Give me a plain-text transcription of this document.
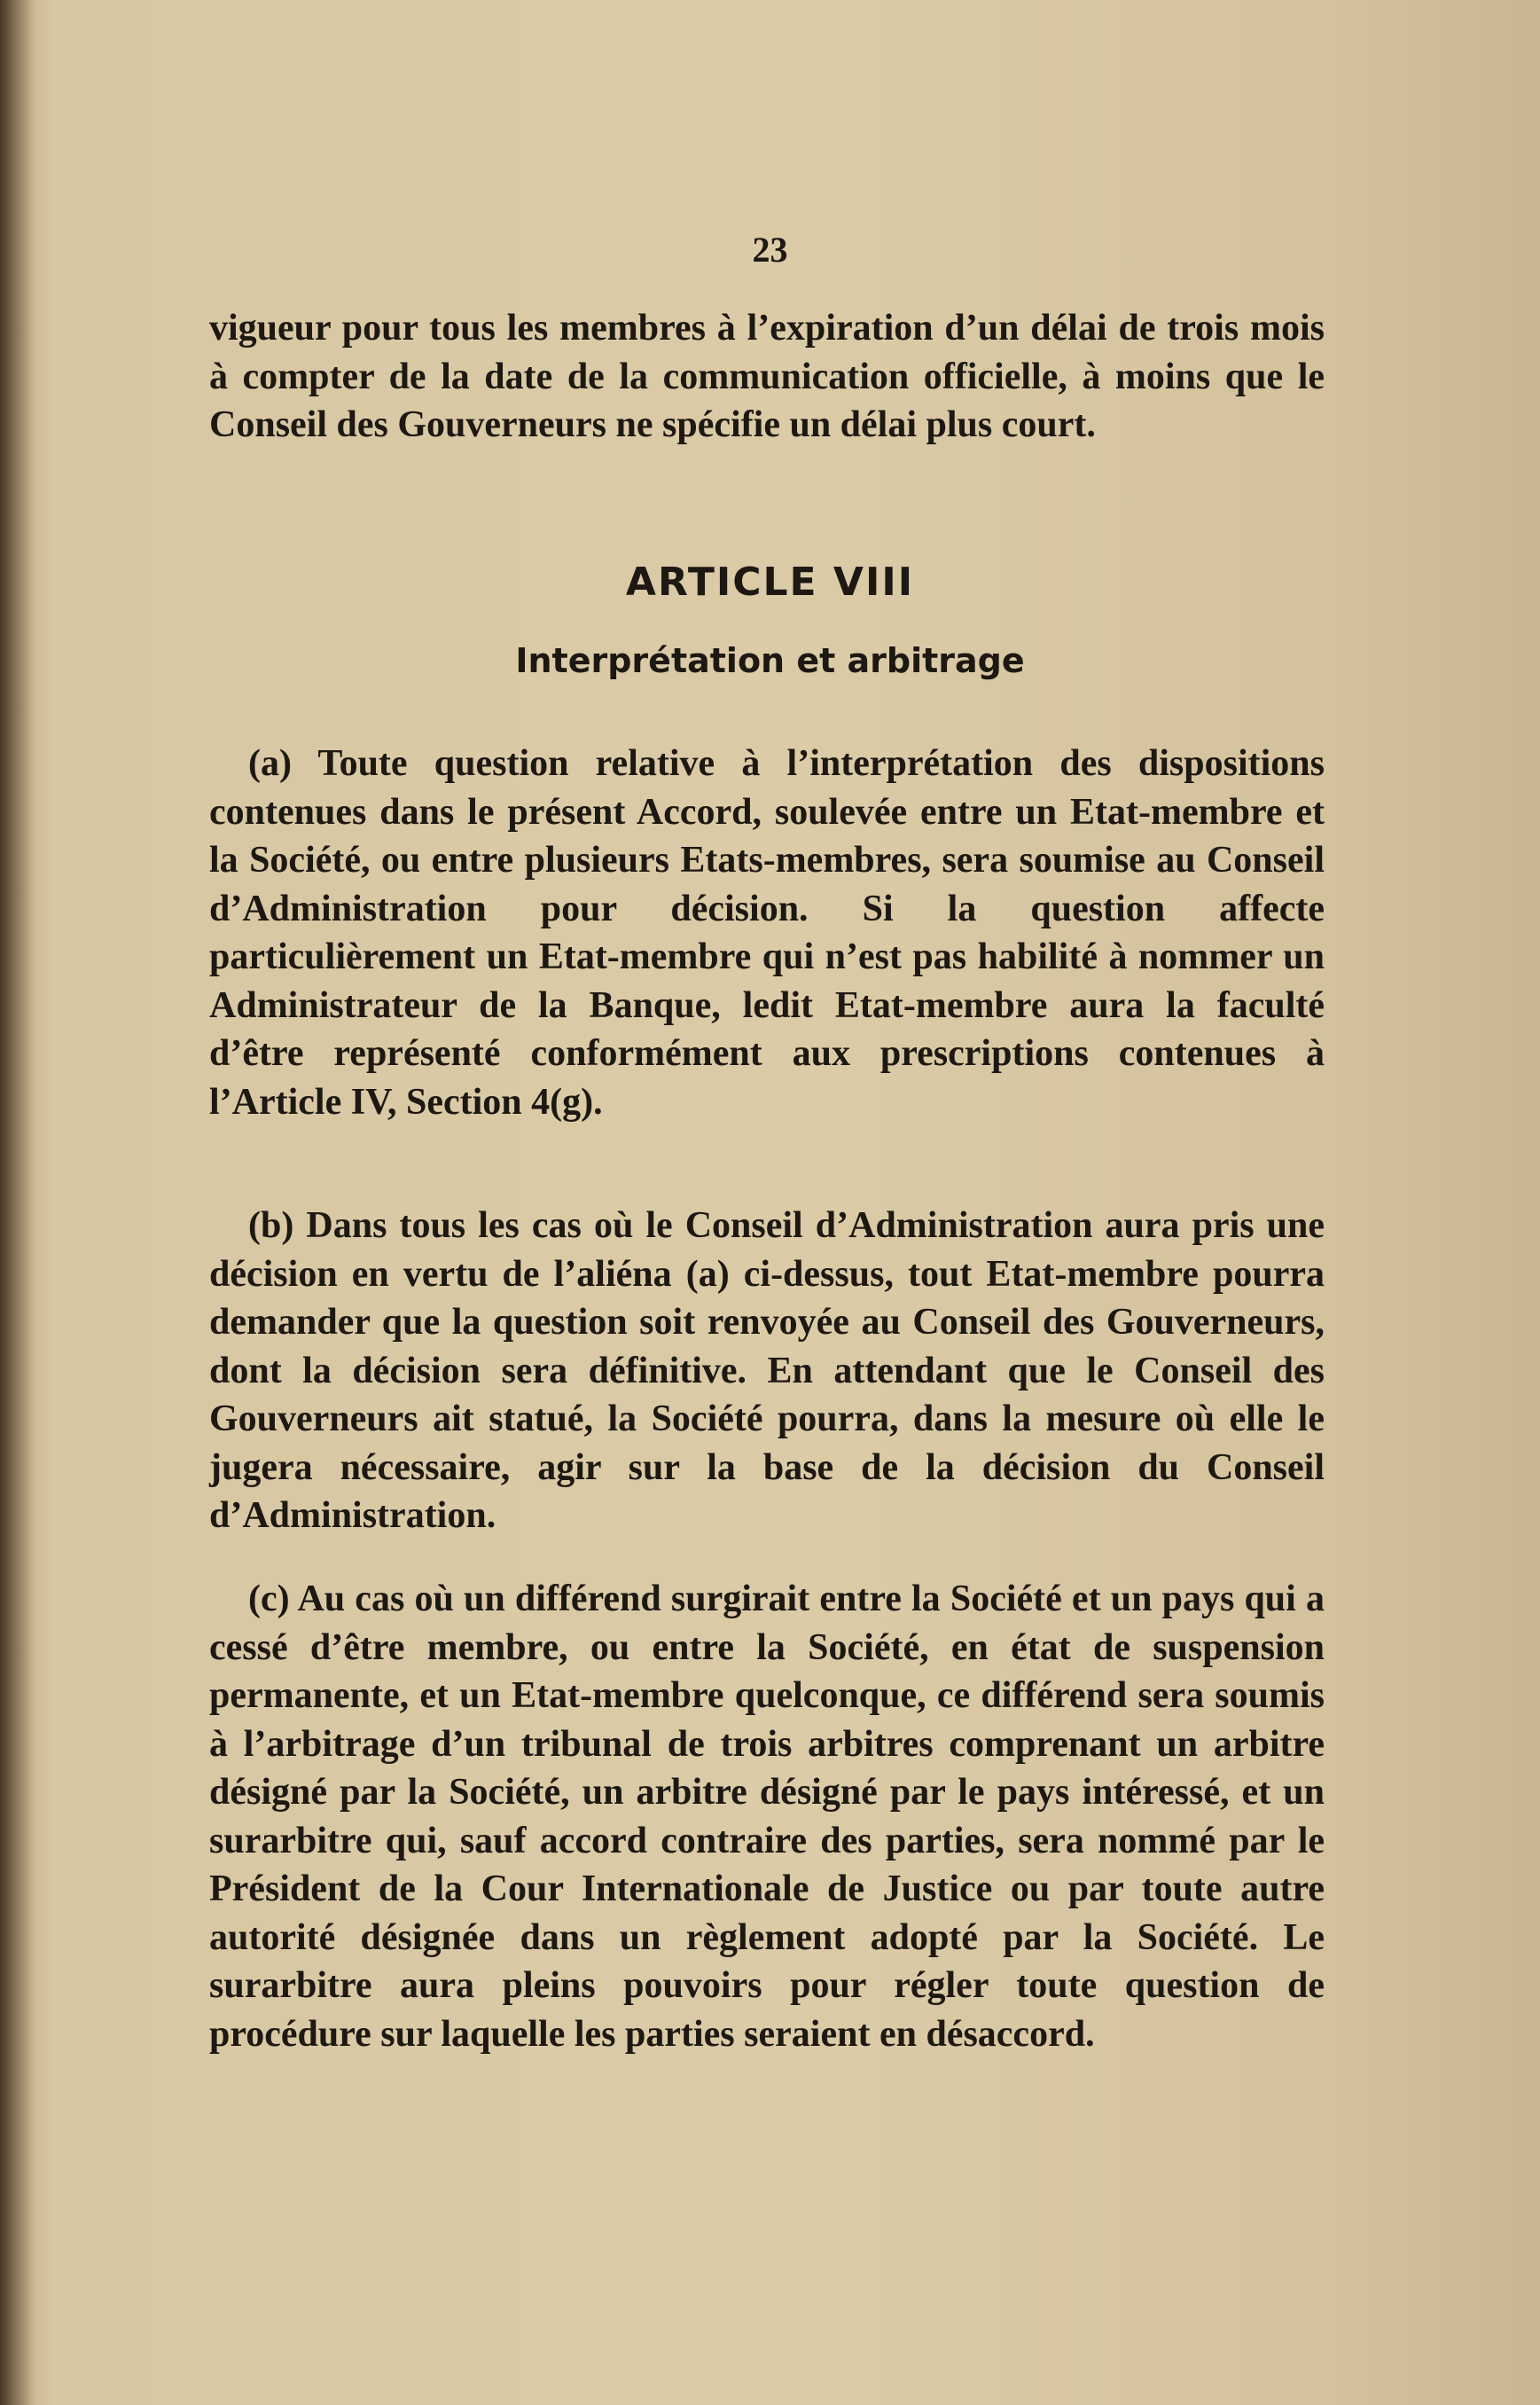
23

vigueur pour tous les membres à l’expiration d’un délai de trois mois à compter de la date de la communication officielle, à moins que le Conseil des Gouverneurs ne spécifie un délai plus court.

ARTICLE VIII
Interprétation et arbitrage

(a) Toute question relative à l’interprétation des dispositions contenues dans le présent Accord, soulevée entre un Etat-membre et la Société, ou entre plusieurs Etats-membres, sera soumise au Conseil d’Administration pour décision. Si la question affecte particulièrement un Etat-membre qui n’est pas habilité à nommer un Administrateur de la Banque, ledit Etat-membre aura la faculté d’être représenté conformément aux prescriptions contenues à l’Article IV, Section 4(g).

(b) Dans tous les cas où le Conseil d’Administration aura pris une décision en vertu de l’aliéna (a) ci-dessus, tout Etat-membre pourra demander que la question soit renvoyée au Conseil des Gouverneurs, dont la décision sera définitive. En attendant que le Conseil des Gouverneurs ait statué, la Société pourra, dans la mesure où elle le jugera nécessaire, agir sur la base de la décision du Conseil d’Administration.

(c) Au cas où un différend surgirait entre la Société et un pays qui a cessé d’être membre, ou entre la Société, en état de suspension permanente, et un Etat-membre quelconque, ce différend sera soumis à l’arbitrage d’un tribunal de trois arbitres comprenant un arbitre désigné par la Société, un arbitre désigné par le pays intéressé, et un surarbitre qui, sauf accord contraire des parties, sera nommé par le Président de la Cour Internationale de Justice ou par toute autre autorité désignée dans un règlement adopté par la Société. Le surarbitre aura pleins pouvoirs pour régler toute question de procédure sur laquelle les parties seraient en désaccord.
